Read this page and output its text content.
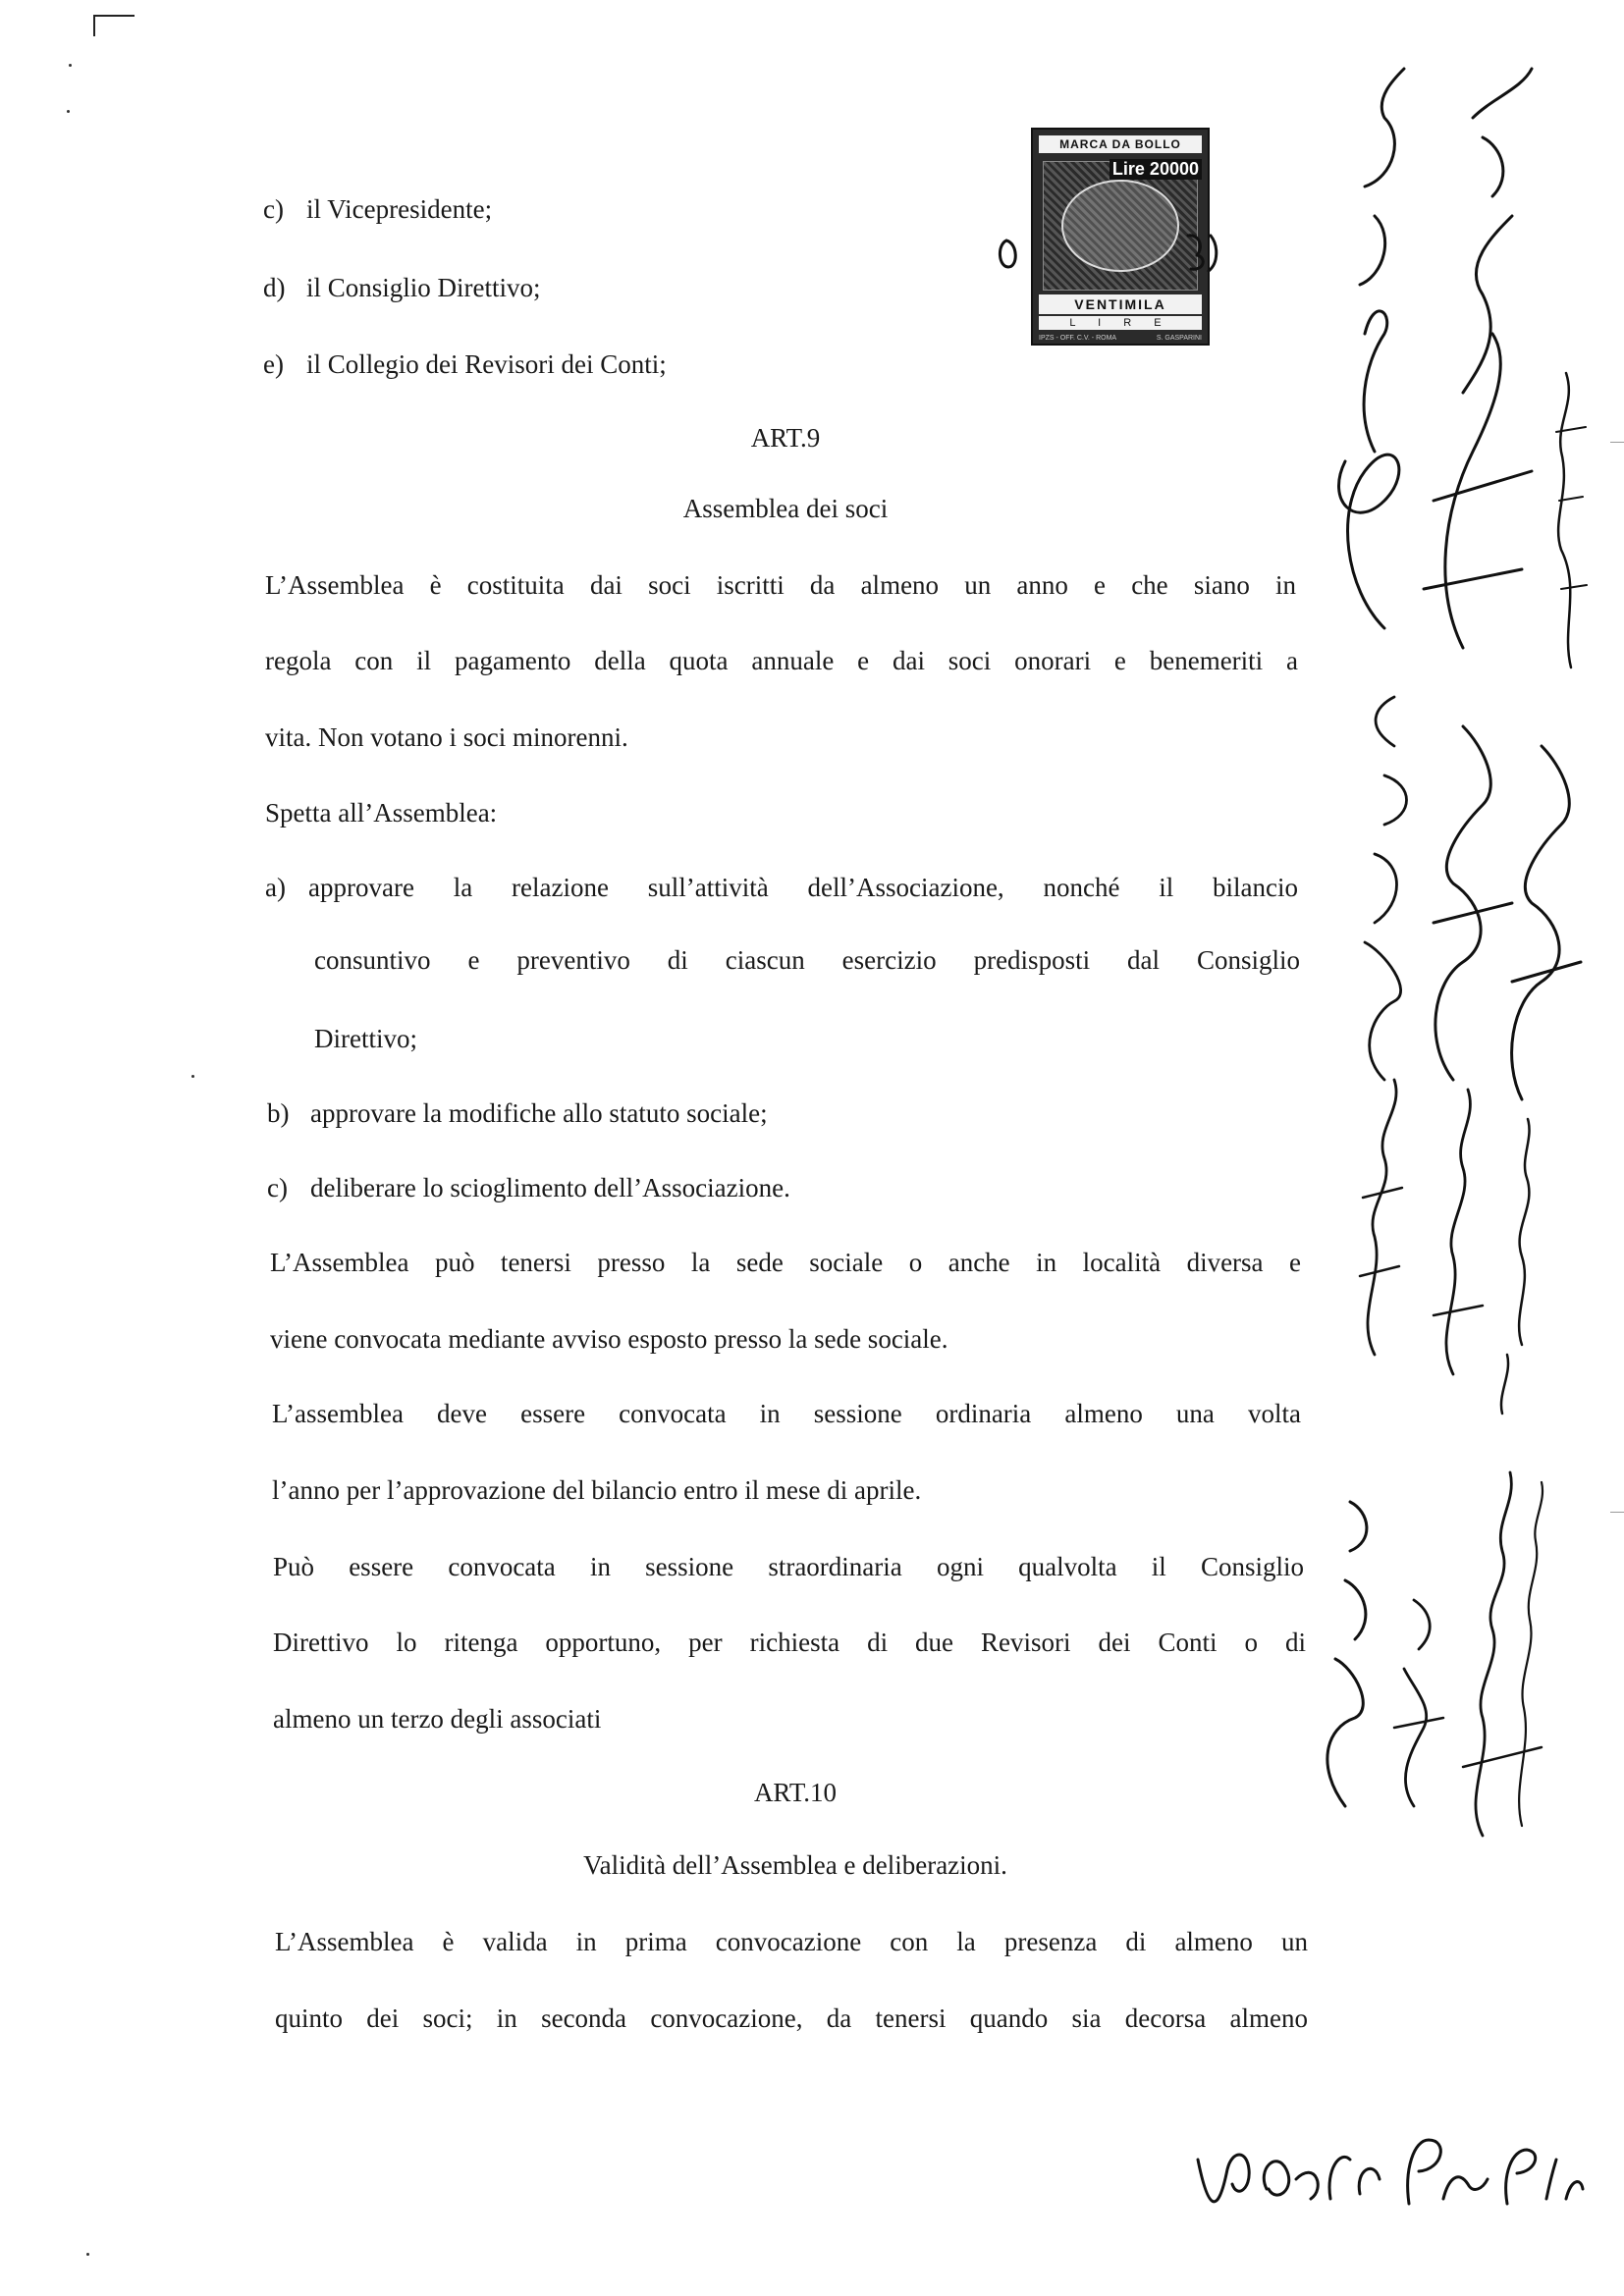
MARCA DA BOLLO
Lire 20000
VENTIMILA
L I R E
IPZS - OFF. C.V. - ROMA	S. GASPARINI
c) il Vicepresidente;
d) il Consiglio Direttivo;
e) il Collegio dei Revisori dei Conti;
ART.9
Assemblea dei soci
L’Assemblea è costituita dai soci iscritti da almeno un anno e che siano in
regola con il pagamento della quota annuale e dai soci onorari e benemeriti a
vita. Non votano i soci minorenni.
Spetta all’Assemblea:
a) approvare la relazione sull’attività dell’Associazione, nonché il bilancio
consuntivo e preventivo di ciascun esercizio predisposti dal Consiglio
Direttivo;
b) approvare la modifiche allo statuto sociale;
c) deliberare lo scioglimento dell’Associazione.
L’Assemblea può tenersi presso la sede sociale o anche in località diversa e
viene convocata mediante avviso esposto presso la sede sociale.
L’assemblea deve essere convocata in sessione ordinaria almeno una volta
l’anno per l’approvazione del bilancio entro il mese di aprile.
Può essere convocata in sessione straordinaria ogni qualvolta il Consiglio
Direttivo lo ritenga opportuno, per richiesta di due Revisori dei Conti o di
almeno un terzo degli associati
ART.10
Validità dell’Assemblea e deliberazioni.
L’Assemblea è valida in prima convocazione con la presenza di almeno un
quinto dei soci; in seconda convocazione, da tenersi quando sia decorsa almeno
